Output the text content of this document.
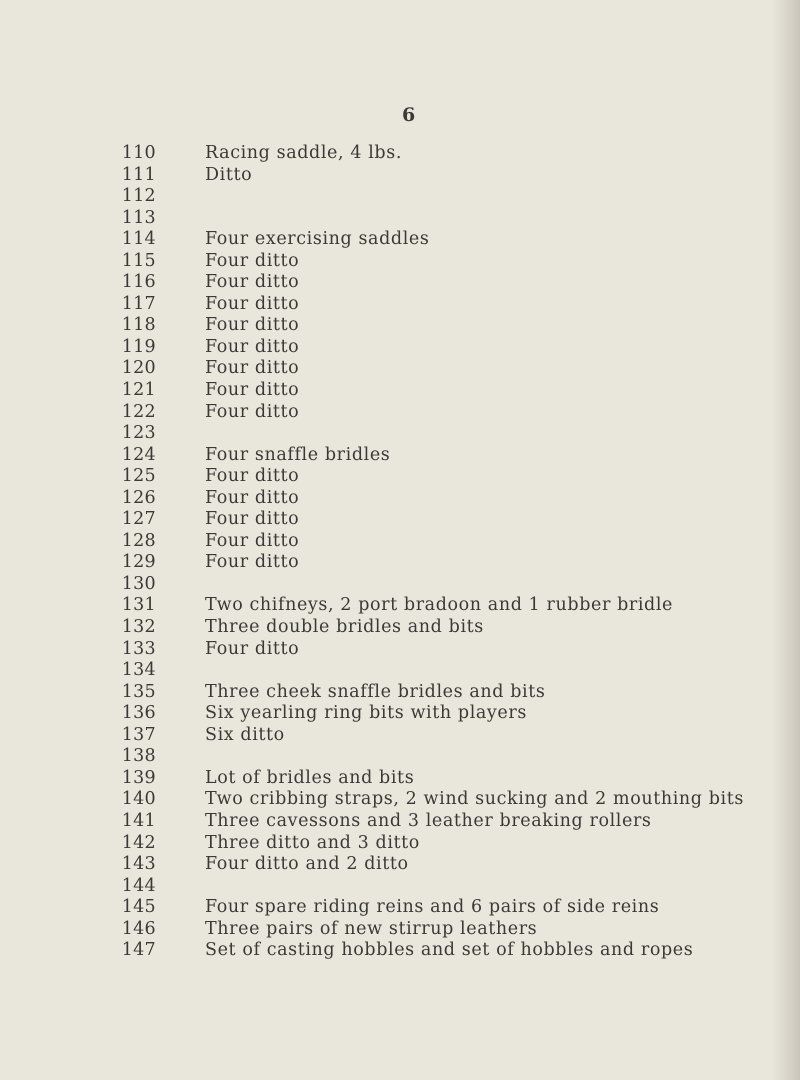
6
110	Racing saddle, 4 lbs.
111	Ditto
112
113
114	Four exercising saddles
115	Four ditto
116	Four ditto
117	Four ditto
118	Four ditto
119	Four ditto
120	Four ditto
121	Four ditto
122	Four ditto
123
124	Four snaffle bridles
125	Four ditto
126	Four ditto
127	Four ditto
128	Four ditto
129	Four ditto
130
131	Two chifneys, 2 port bradoon and 1 rubber bridle
132	Three double bridles and bits
133	Four ditto
134
135	Three cheek snaffle bridles and bits
136	Six yearling ring bits with players
137	Six ditto
138
139	Lot of bridles and bits
140	Two cribbing straps, 2 wind sucking and 2 mouthing bits
141	Three cavessons and 3 leather breaking rollers
142	Three ditto and 3 ditto
143	Four ditto and 2 ditto
144
145	Four spare riding reins and 6 pairs of side reins
146	Three pairs of new stirrup leathers
147	Set of casting hobbles and set of hobbles and ropes
